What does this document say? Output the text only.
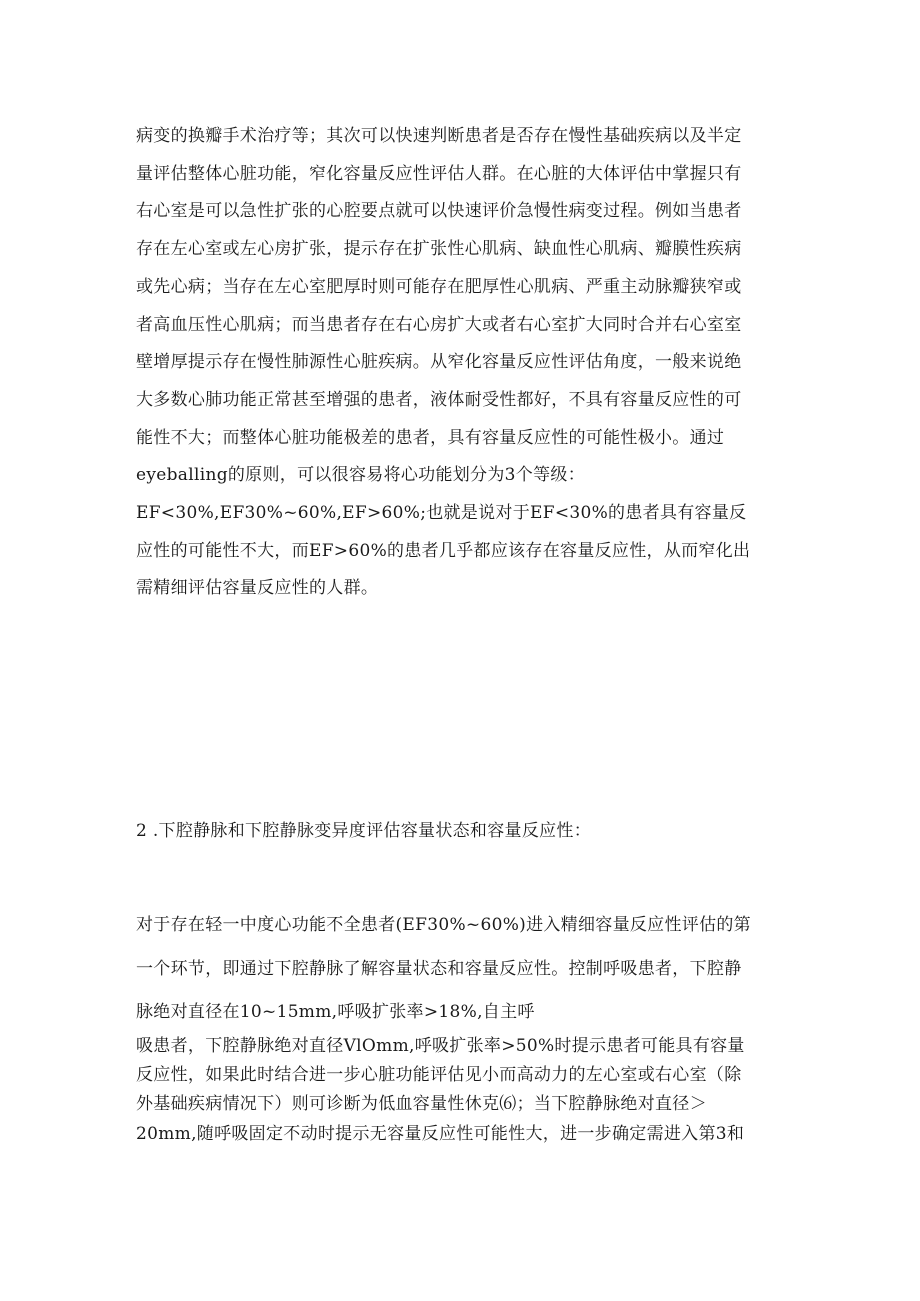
病变的换瓣手术治疗等；其次可以快速判断患者是否存在慢性基础疾病以及半定
量评估整体心脏功能，窄化容量反应性评估人群。在心脏的大体评估中掌握只有
右心室是可以急性扩张的心腔要点就可以快速评价急慢性病变过程。例如当患者
存在左心室或左心房扩张，提示存在扩张性心肌病、缺血性心肌病、瓣膜性疾病
或先心病；当存在左心室肥厚时则可能存在肥厚性心肌病、严重主动脉瓣狭窄或
者高血压性心肌病；而当患者存在右心房扩大或者右心室扩大同时合并右心室室
壁增厚提示存在慢性肺源性心脏疾病。从窄化容量反应性评估角度，一般来说绝
大多数心肺功能正常甚至增强的患者，液体耐受性都好，不具有容量反应性的可
能性不大；而整体心脏功能极差的患者，具有容量反应性的可能性极小。通过
eyeballing的原则，可以很容易将心功能划分为3个等级：
EF<30%,EF30%~60%,EF>60%;也就是说对于EF<30%的患者具有容量反
应性的可能性不大，而EF>60%的患者几乎都应该存在容量反应性，从而窄化出
需精细评估容量反应性的人群。

2 .下腔静脉和下腔静脉变异度评估容量状态和容量反应性：

对于存在轻一中度心功能不全患者(EF30%~60%)进入精细容量反应性评估的第
一个环节，即通过下腔静脉了解容量状态和容量反应性。控制呼吸患者，下腔静
脉绝对直径在10~15mm,呼吸扩张率>18%,自主呼

吸患者，下腔静脉绝对直径VlOmm,呼吸扩张率>50%时提示患者可能具有容量
反应性，如果此时结合进一步心脏功能评估见小而高动力的左心室或右心室（除
外基础疾病情况下）则可诊断为低血容量性休克⑹；当下腔静脉绝对直径＞
20mm,随呼吸固定不动时提示无容量反应性可能性大，进一步确定需进入第3和
